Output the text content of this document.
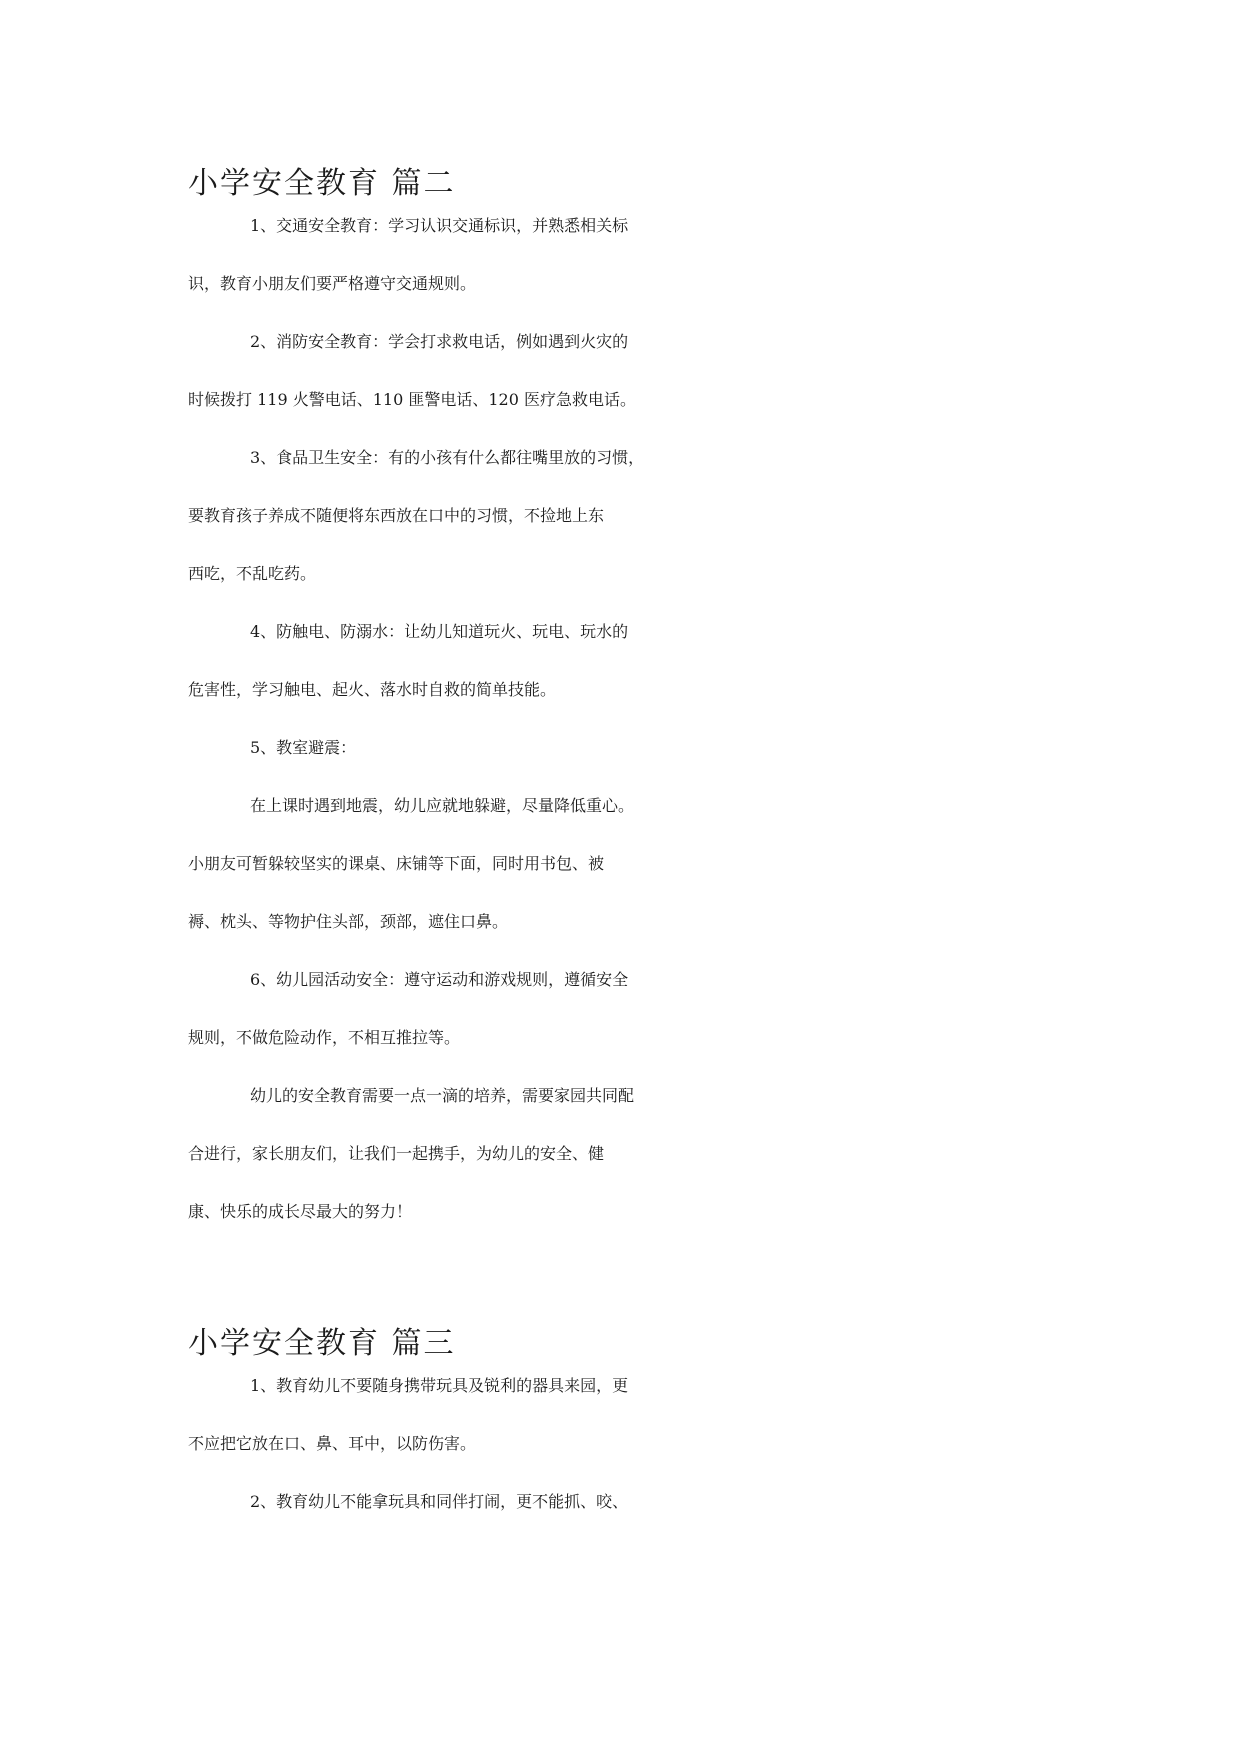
小学安全教育 篇二
1、交通安全教育：学习认识交通标识，并熟悉相关标
识，教育小朋友们要严格遵守交通规则。
2、消防安全教育：学会打求救电话，例如遇到火灾的
时候拨打 119 火警电话、110 匪警电话、120 医疗急救电话。
3、食品卫生安全：有的小孩有什么都往嘴里放的习惯，
要教育孩子养成不随便将东西放在口中的习惯，不捡地上东
西吃，不乱吃药。
4、防触电、防溺水：让幼儿知道玩火、玩电、玩水的
危害性，学习触电、起火、落水时自救的简单技能。
5、教室避震：
在上课时遇到地震，幼儿应就地躲避，尽量降低重心。
小朋友可暂躲较坚实的课桌、床铺等下面，同时用书包、被
褥、枕头、等物护住头部，颈部，遮住口鼻。
6、幼儿园活动安全：遵守运动和游戏规则，遵循安全
规则，不做危险动作，不相互推拉等。
幼儿的安全教育需要一点一滴的培养，需要家园共同配
合进行，家长朋友们，让我们一起携手，为幼儿的安全、健
康、快乐的成长尽最大的努力！
小学安全教育 篇三
1、教育幼儿不要随身携带玩具及锐利的器具来园，更
不应把它放在口、鼻、耳中，以防伤害。
2、教育幼儿不能拿玩具和同伴打闹，更不能抓、咬、
